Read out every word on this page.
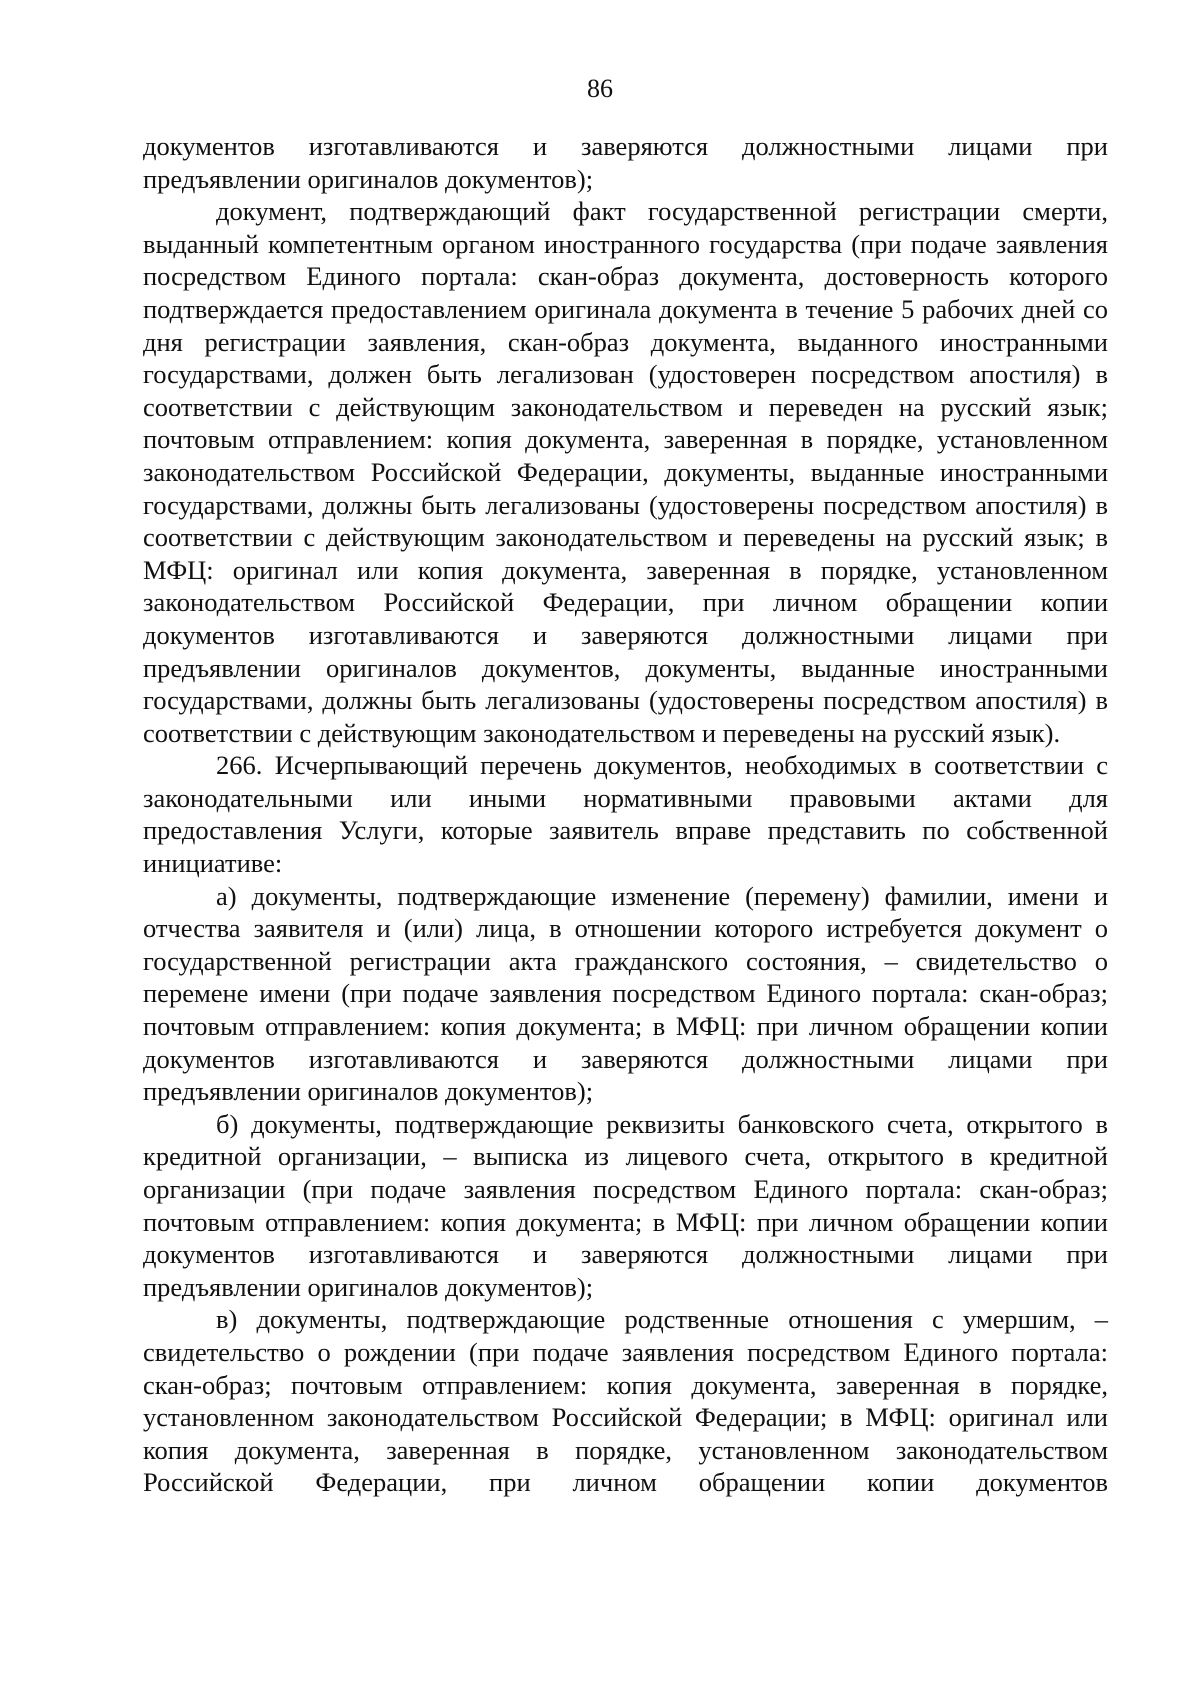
86

документов изготавливаются и заверяются должностными лицами при предъявлении оригиналов документов);

документ, подтверждающий факт государственной регистрации смерти, выданный компетентным органом иностранного государства (при подаче заявления посредством Единого портала: скан-образ документа, достоверность которого подтверждается предоставлением оригинала документа в течение 5 рабочих дней со дня регистрации заявления, скан-образ документа, выданного иностранными государствами, должен быть легализован (удостоверен посредством апостиля) в соответствии с действующим законодательством и переведен на русский язык; почтовым отправлением: копия документа, заверенная в порядке, установленном законодательством Российской Федерации, документы, выданные иностранными государствами, должны быть легализованы (удостоверены посредством апостиля) в соответствии с действующим законодательством и переведены на русский язык; в МФЦ: оригинал или копия документа, заверенная в порядке, установленном законодательством Российской Федерации, при личном обращении копии документов изготавливаются и заверяются должностными лицами при предъявлении оригиналов документов, документы, выданные иностранными государствами, должны быть легализованы (удостоверены посредством апостиля) в соответствии с действующим законодательством и переведены на русский язык).

266. Исчерпывающий перечень документов, необходимых в соответствии с законодательными или иными нормативными правовыми актами для предоставления Услуги, которые заявитель вправе представить по собственной инициативе:

а) документы, подтверждающие изменение (перемену) фамилии, имени и отчества заявителя и (или) лица, в отношении которого истребуется документ о государственной регистрации акта гражданского состояния, – свидетельство о перемене имени (при подаче заявления посредством Единого портала: скан-образ; почтовым отправлением: копия документа; в МФЦ: при личном обращении копии документов изготавливаются и заверяются должностными лицами при предъявлении оригиналов документов);

б) документы, подтверждающие реквизиты банковского счета, открытого в кредитной организации, – выписка из лицевого счета, открытого в кредитной организации (при подаче заявления посредством Единого портала: скан-образ; почтовым отправлением: копия документа; в МФЦ: при личном обращении копии документов изготавливаются и заверяются должностными лицами при предъявлении оригиналов документов);

в) документы, подтверждающие родственные отношения с умершим, – свидетельство о рождении (при подаче заявления посредством Единого портала: скан-образ; почтовым отправлением: копия документа, заверенная в порядке, установленном законодательством Российской Федерации; в МФЦ: оригинал или копия документа, заверенная в порядке, установленном законодательством Российской Федерации, при личном обращении копии документов
